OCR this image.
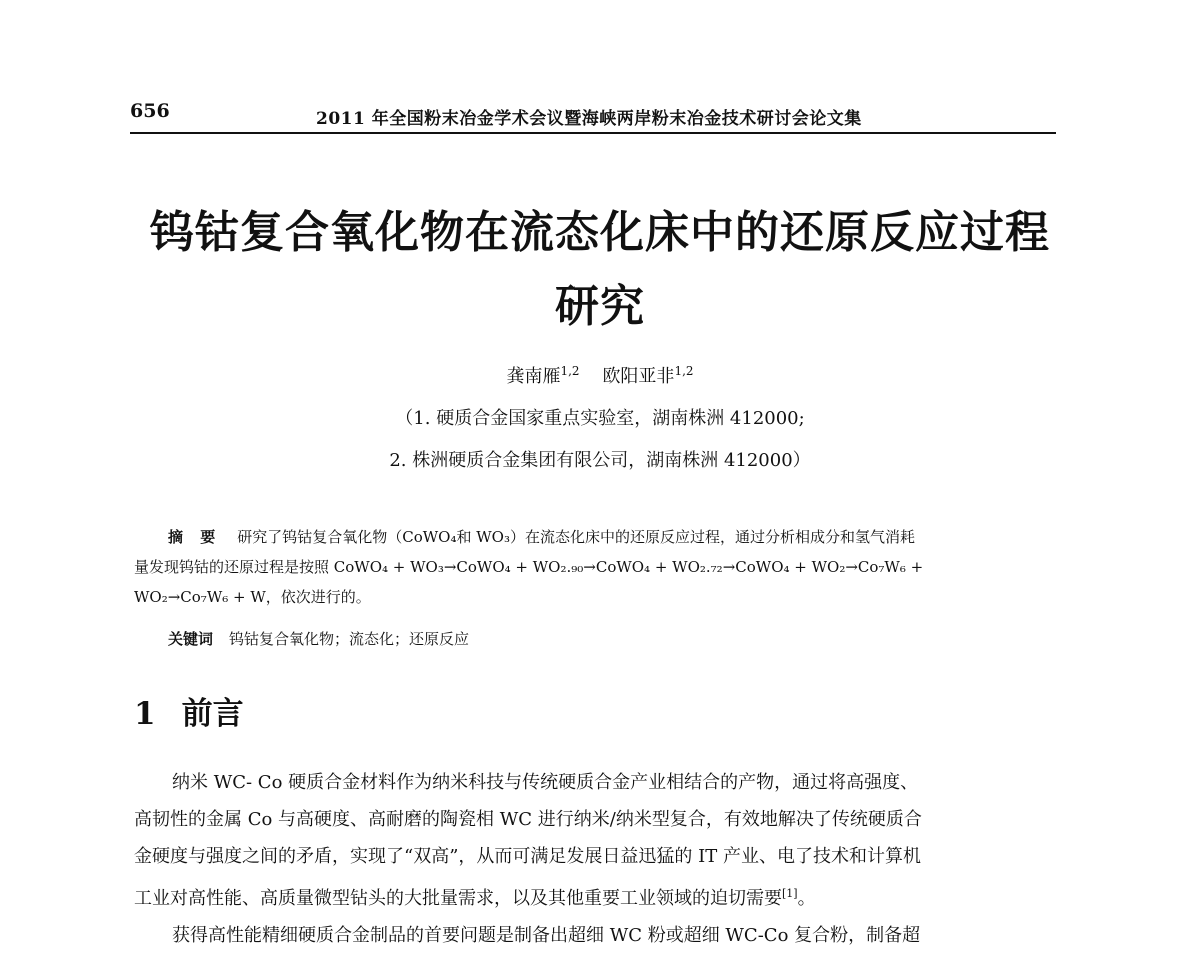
656	2011 年全国粉末冶金学术会议暨海峡两岸粉末冶金技术研讨会论文集
钨钴复合氧化物在流态化床中的还原反应过程
研究
龚南雁$^{1,2}$ 欧阳亚非$^{1,2}$
（1. 硬质合金国家重点实验室，湖南株洲 412000;
2. 株洲硬质合金集团有限公司，湖南株洲 412000）
摘 要 研究了钨钴复合氧化物（CoWO₄和 WO₃）在流态化床中的还原反应过程，通过分析相成分和氢气消耗
量发现钨钴的还原过程是按照 CoWO₄ + WO₃→CoWO₄ + WO₂.₉₀→CoWO₄ + WO₂.₇₂→CoWO₄ + WO₂→Co₇W₆ +
WO₂→Co₇W₆ + W，依次进行的。
关键词 钨钴复合氧化物；流态化；还原反应
1 前言

纳米 WC- Co 硬质合金材料作为纳米科技与传统硬质合金产业相结合的产物，通过将高强度、

高韧性的金属 Co 与高硬度、高耐磨的陶瓷相 WC 进行纳米/纳米型复合，有效地解决了传统硬质合

金硬度与强度之间的矛盾，实现了“双高”，从而可满足发展日益迅猛的 IT 产业、电了技术和计算机

工业对高性能、高质量微型钻头的大批量需求，以及其他重要工业领域的迫切需要[1]。

获得高性能精细硬质合金制品的首要问题是制备出超细 WC 粉或超细 WC-Co 复合粉，制备超
